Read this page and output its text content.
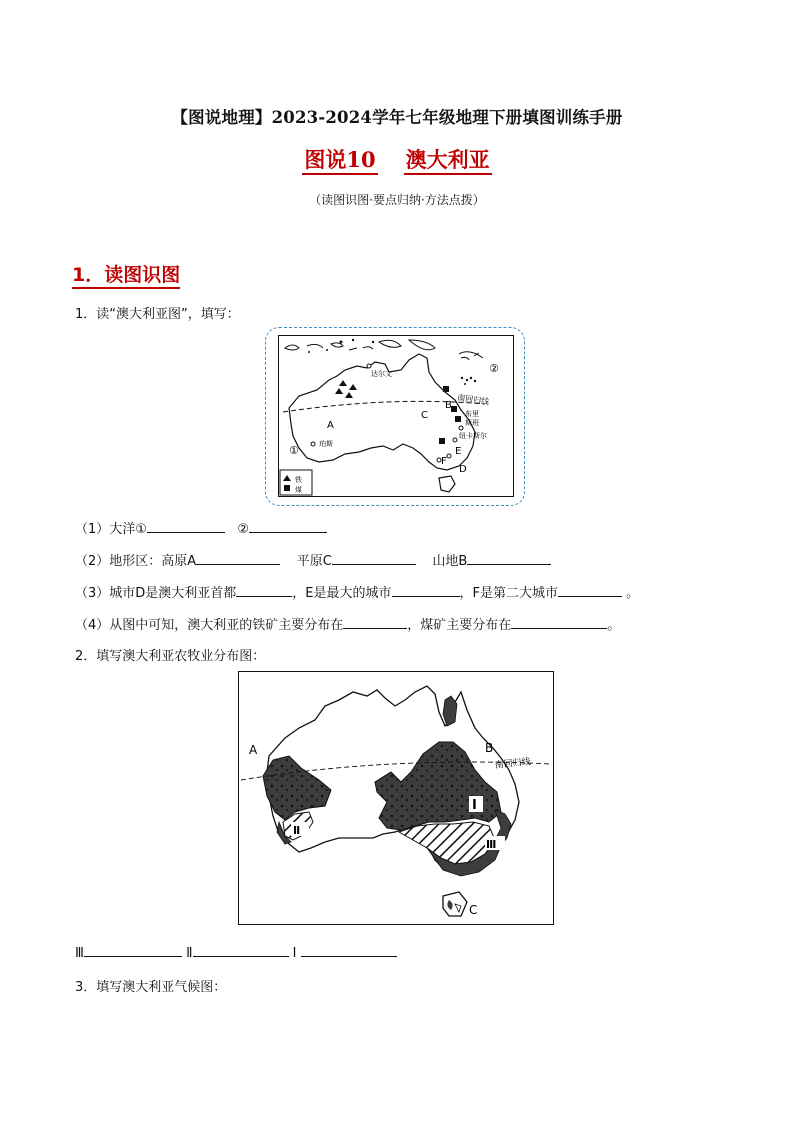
【图说地理】2023-2024学年七年级地理下册填图训练手册
图说10 澳大利亚
（读图识图·要点归纳·方法点拨）
1．读图识图
1．读“澳大利亚图”，填写：
南回归线
达尔文
珀斯
布里
斯班
纽卡斯尔
A
B
C
D
E
F
①
②
铁
煤
（1）大洋①	②
（2）地形区：高原A	平原C	山地B
（3）城市D是澳大利亚首都	，E是最大的城市	，F是第二大城市	。
（4）从图中可知，澳大利亚的铁矿主要分布在	，煤矿主要分布在	。
2．填写澳大利亚农牧业分布图：
南回归线
A	B
C
Ⅰ
Ⅱ
Ⅲ
Ⅲ	Ⅱ	Ⅰ
3．填写澳大利亚气候图：
